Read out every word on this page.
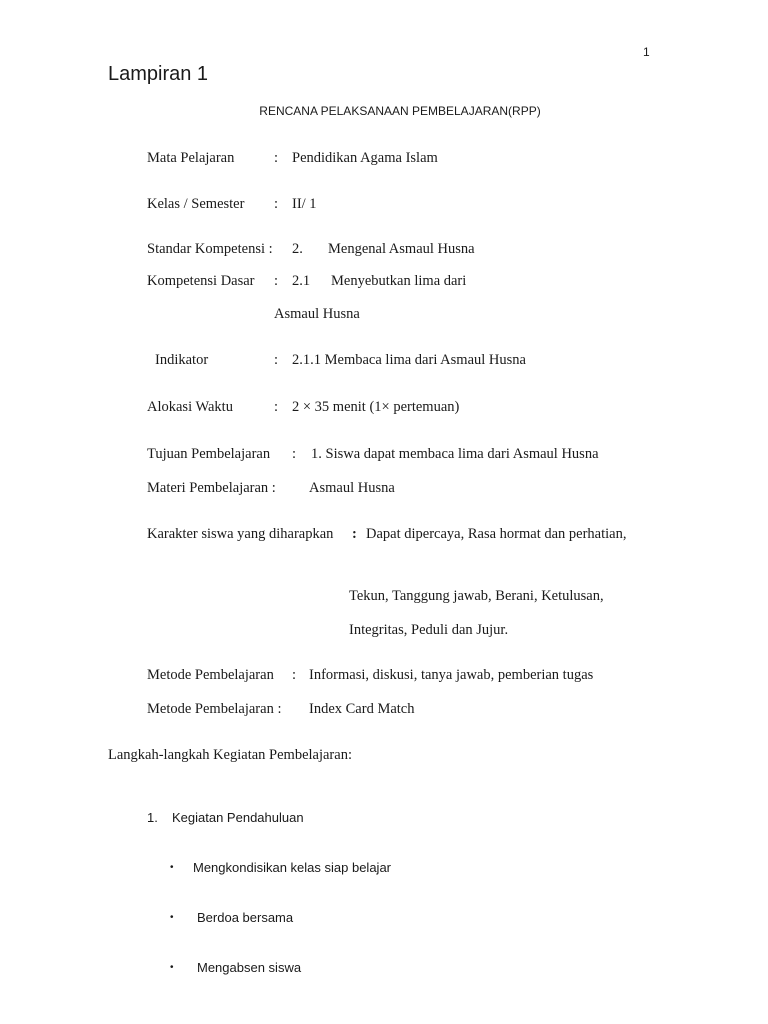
1
Lampiran 1
RENCANA PELAKSANAAN PEMBELAJARAN(RPP)
Mata Pelajaran	: Pendidikan Agama Islam
Kelas / Semester : II/ 1
Standar Kompetensi : 2. Mengenal Asmaul Husna
Kompetensi Dasar : 2.1 Menyebutkan lima dari
Asmaul Husna
Indikator	: 2.1.1 Membaca lima dari Asmaul Husna
Alokasi Waktu	: 2 × 35 menit (1× pertemuan)
Tujuan Pembelajaran : 1. Siswa dapat membaca lima dari Asmaul Husna
Materi Pembelajaran : Asmaul Husna
Karakter siswa yang diharapkan : Dapat dipercaya, Rasa hormat dan perhatian,
Tekun, Tanggung jawab, Berani, Ketulusan,
Integritas, Peduli dan Jujur.
Metode Pembelajaran : Informasi, diskusi, tanya jawab, pemberian tugas
Metode Pembelajaran : Index Card Match
Langkah-langkah Kegiatan Pembelajaran:
1. Kegiatan Pendahuluan
• Mengkondisikan kelas siap belajar
• Berdoa bersama
• Mengabsen siswa
